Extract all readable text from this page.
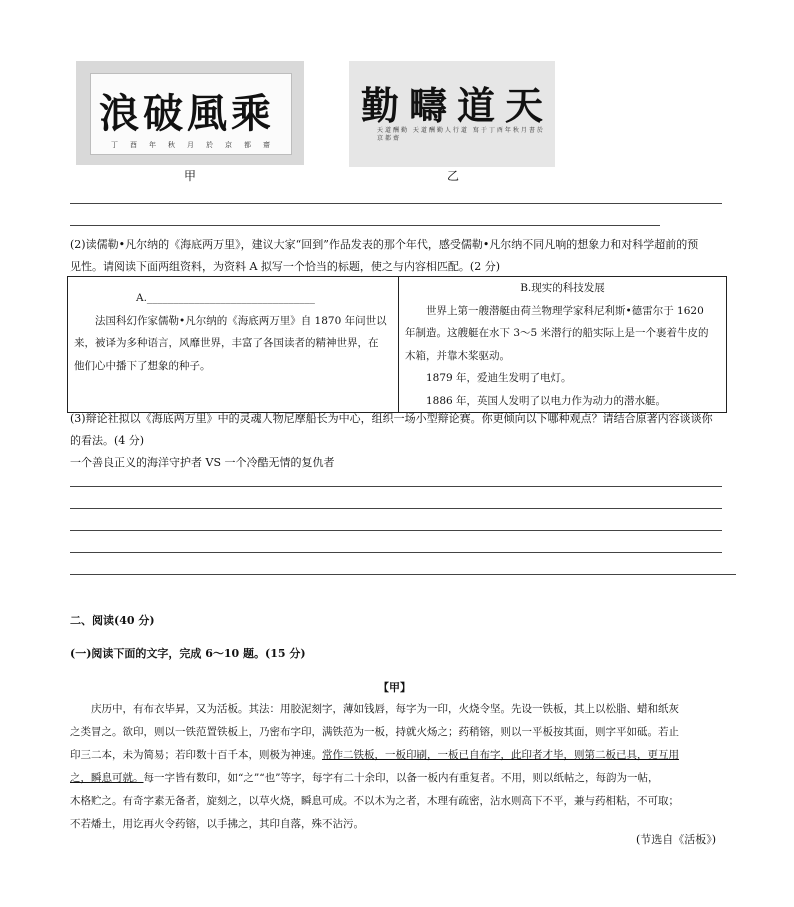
浪破風乘
丁酉年秋月於京都齋
甲
勤疇道天
天道酬勤 天道酬勤人行道 寫于丁酉年秋月書於京都齋
乙
(2)读儒勒•凡尔纳的《海底两万里》，建议大家“回到”作品发表的那个年代，感受儒勒•凡尔纳不同凡响的想象力和对科学超前的预
见性。请阅读下面两组资料，为资料 A 拟写一个恰当的标题，使之与内容相匹配。(2 分)
A.________________________________
法国科幻作家儒勒•凡尔纳的《海底两万里》自 1870 年问世以
来，被译为多种语言，风靡世界，丰富了各国读者的精神世界，在
他们心中播下了想象的种子。

B.现实的科技发展
世界上第一艘潜艇由荷兰物理学家科尼利斯•德雷尔于 1620
年制造。这艘艇在水下 3～5 米潜行的船实际上是一个裹着牛皮的
木箱，并靠木桨驱动。
1879 年，爱迪生发明了电灯。
1886 年，英国人发明了以电力作为动力的潜水艇。
(3)辩论社拟以《海底两万里》中的灵魂人物尼摩船长为中心，组织一场小型辩论赛。你更倾向以下哪种观点？请结合原著内容谈谈你
的看法。(4 分)
一个善良正义的海洋守护者 VS 一个冷酷无情的复仇者
二、阅读(40 分)
(一)阅读下面的文字，完成 6～10 题。(15 分)
【甲】
庆历中，有布衣毕昇，又为活板。其法：用胶泥刻字，薄如钱唇，每字为一印，火烧令坚。先设一铁板，其上以松脂、蜡和纸灰
之类冒之。欲印，则以一铁范置铁板上，乃密布字印，满铁范为一板，持就火炀之；药稍镕，则以一平板按其面，则字平如砥。若止
印三二本，未为简易；若印数十百千本，则极为神速。常作二铁板，一板印刷，一板已自布字，此印者才毕，则第二板已具，更互用
之，瞬息可就。每一字皆有数印，如“之”“也”等字，每字有二十余印，以备一板内有重复者。不用，则以纸帖之，每韵为一帖，
木格贮之。有奇字素无备者，旋刻之，以草火烧，瞬息可成。不以木为之者，木理有疏密，沾水则高下不平，兼与药相粘，不可取；
不若燔土，用讫再火令药镕，以手拂之，其印自落，殊不沾污。
(节选自《活板》)
